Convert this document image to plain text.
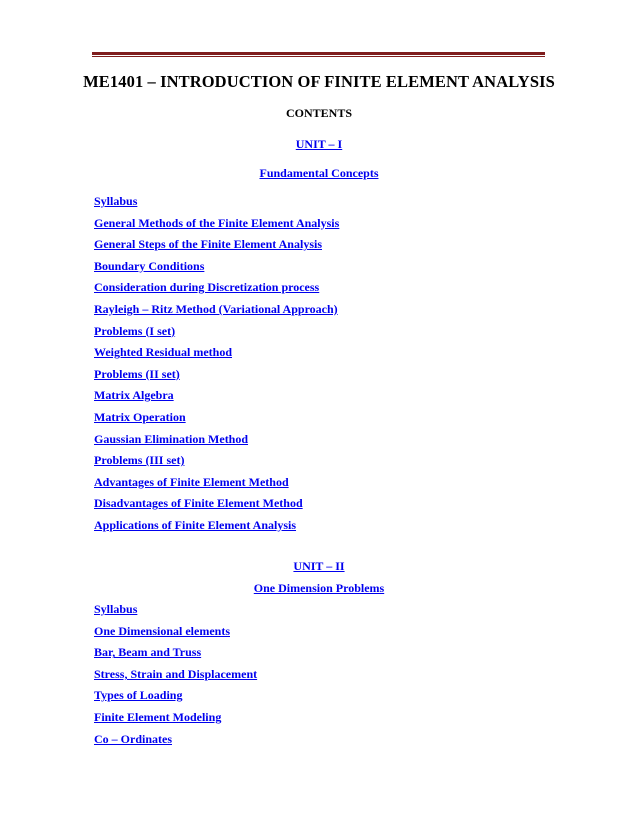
ME1401 – INTRODUCTION OF FINITE ELEMENT ANALYSIS
CONTENTS
UNIT – I
Fundamental Concepts
Syllabus
General Methods of the Finite Element Analysis
General Steps of the Finite Element Analysis
Boundary Conditions
Consideration during Discretization process
Rayleigh – Ritz Method (Variational Approach)
Problems (I set)
Weighted Residual method
Problems (II set)
Matrix Algebra
Matrix Operation
Gaussian Elimination Method
Problems (III set)
Advantages of Finite Element Method
Disadvantages of Finite Element Method
Applications of Finite Element Analysis
UNIT – II
One Dimension Problems
Syllabus
One Dimensional elements
Bar, Beam and Truss
Stress, Strain and Displacement
Types of Loading
Finite Element Modeling
Co – Ordinates
